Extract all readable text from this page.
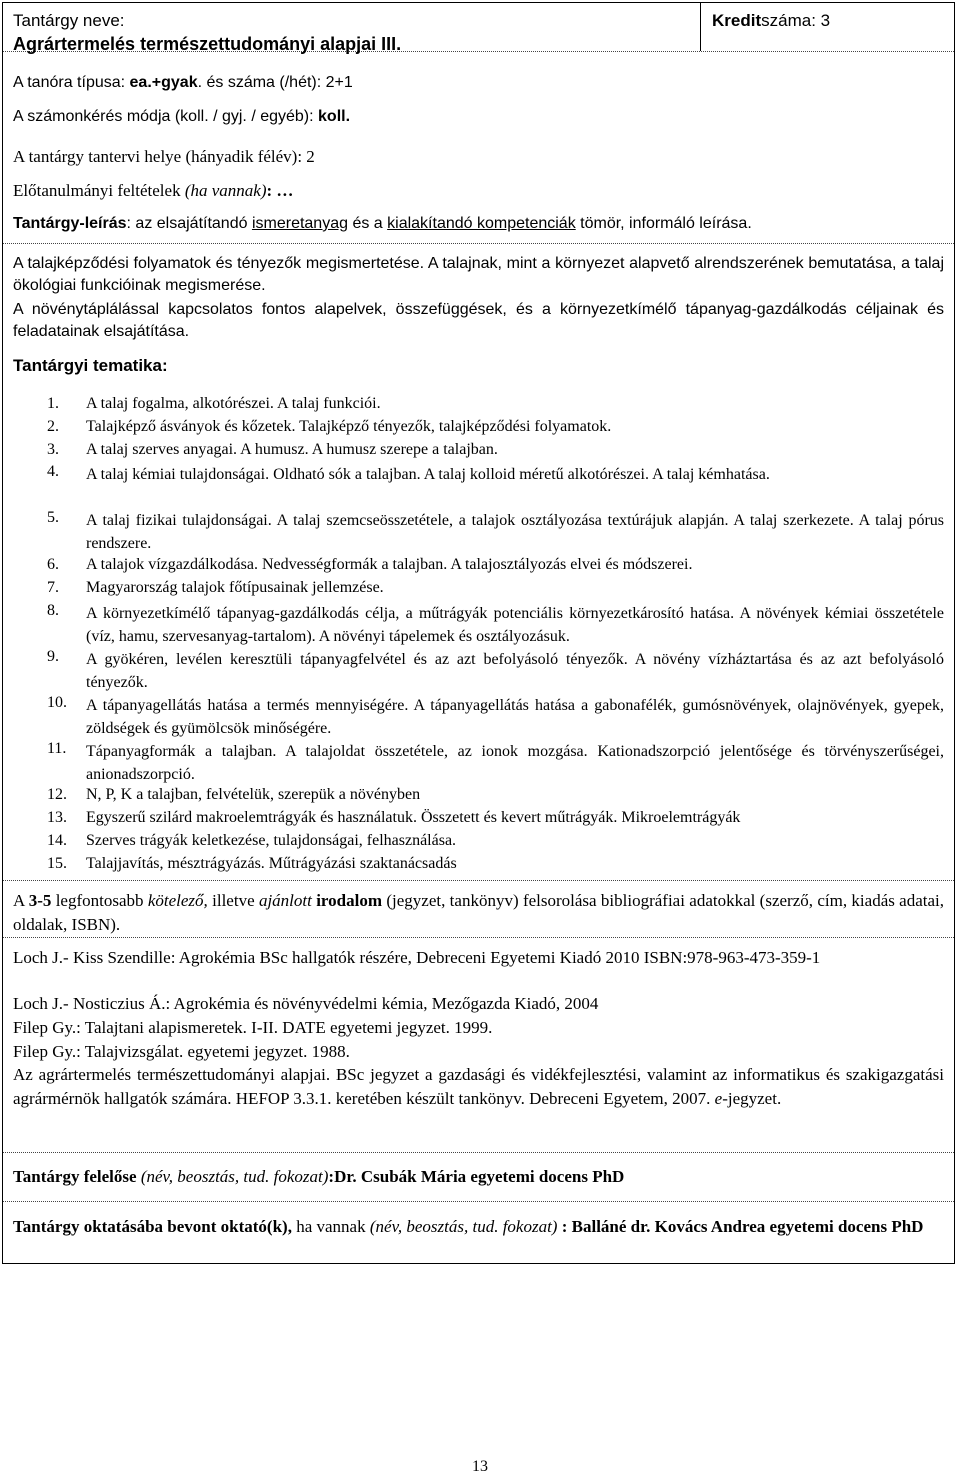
Tantárgy neve:
Agrártermelés természettudományi alapjai III.
Kreditszáma: 3
A tanóra típusa: ea.+gyak. és száma (/hét): 2+1
A számonkérés módja (koll. / gyj. / egyéb): koll.
A tantárgy tantervi helye (hányadik félév): 2
Előtanulmányi feltételek (ha vannak): …
Tantárgy-leírás: az elsajátítandó ismeretanyag és a kialakítandó kompetenciák tömör, informáló leírása.
A talajképződési folyamatok és tényezők megismertetése. A talajnak, mint a környezet alapvető alrendszerének bemutatása, a talaj ökológiai funkcióinak megismerése.
A növénytáplálással kapcsolatos fontos alapelvek, összefüggések, és a környezetkímélő tápanyag-gazdálkodás céljainak és feladatainak elsajátítása.
Tantárgyi tematika:
1. A talaj fogalma, alkotórészei. A talaj funkciói.
2. Talajképző ásványok és kőzetek. Talajképző tényezők, talajképződési folyamatok.
3. A talaj szerves anyagai. A humusz. A humusz szerepe a talajban.
4. A talaj kémiai tulajdonságai. Oldható sók a talajban. A talaj kolloid méretű alkotórészei. A talaj kémhatása.
5. A talaj fizikai tulajdonságai. A talaj szemcseösszetétele, a talajok osztályozása textúrájuk alapján. A talaj szerkezete. A talaj pórus rendszere.
6. A talajok vízgazdálkodása. Nedvességformák a talajban. A talajosztályozás elvei és módszerei.
7. Magyarország talajok főtípusainak jellemzése.
8. A környezetkímélő tápanyag-gazdálkodás célja, a műtrágyák potenciális környezetkárosító hatása. A növények kémiai összetétele (víz, hamu, szervesanyag-tartalom). A növényi tápelemek és osztályozásuk.
9. A gyökéren, levélen keresztüli tápanyagfelvétel és az azt befolyásoló tényezők. A növény vízháztartása és az azt befolyásoló tényezők.
10. A tápanyagellátás hatása a termés mennyiségére. A tápanyagellátás hatása a gabonafélék, gumósnövények, olajnövények, gyepek, zöldségek és gyümölcsök minőségére.
11. Tápanyagformák a talajban. A talajoldat összetétele, az ionok mozgása. Kationadszorpció jelentősége és törvényszerűségei, anionadszorpció.
12. N, P, K a talajban, felvételük, szerepük a növényben
13. Egyszerű szilárd makroelemtrágyák és használatuk. Összetett és kevert műtrágyák. Mikroelemtrágyák
14. Szerves trágyák keletkezése, tulajdonságai, felhasználása.
15. Talajjavítás, mésztrágyázás. Műtrágyázási szaktanácsadás
A 3-5 legfontosabb kötelező, illetve ajánlott irodalom (jegyzet, tankönyv) felsorolása bibliográfiai adatokkal (szerző, cím, kiadás adatai, oldalak, ISBN).
Loch J.- Kiss Szendille: Agrokémia BSc hallgatók részére, Debreceni Egyetemi Kiadó 2010 ISBN:978-963-473-359-1
Loch J.- Nosticzius Á.: Agrokémia és növényvédelmi kémia, Mezőgazda Kiadó, 2004
Filep Gy.: Talajtani alapismeretek. I-II. DATE egyetemi jegyzet. 1999.
Filep Gy.: Talajvizsgálat. egyetemi jegyzet. 1988.
Az agrártermelés természettudományi alapjai. BSc jegyzet a gazdasági és vidékfejlesztési, valamint az informatikus és szakigazgatási agrármérnök hallgatók számára. HEFOP 3.3.1. keretében készült tankönyv. Debreceni Egyetem, 2007. e-jegyzet.
Tantárgy felelőse (név, beosztás, tud. fokozat):Dr. Csubák Mária egyetemi docens PhD
Tantárgy oktatásába bevont oktató(k), ha vannak (név, beosztás, tud. fokozat) : Balláné dr. Kovács Andrea egyetemi docens PhD
13
